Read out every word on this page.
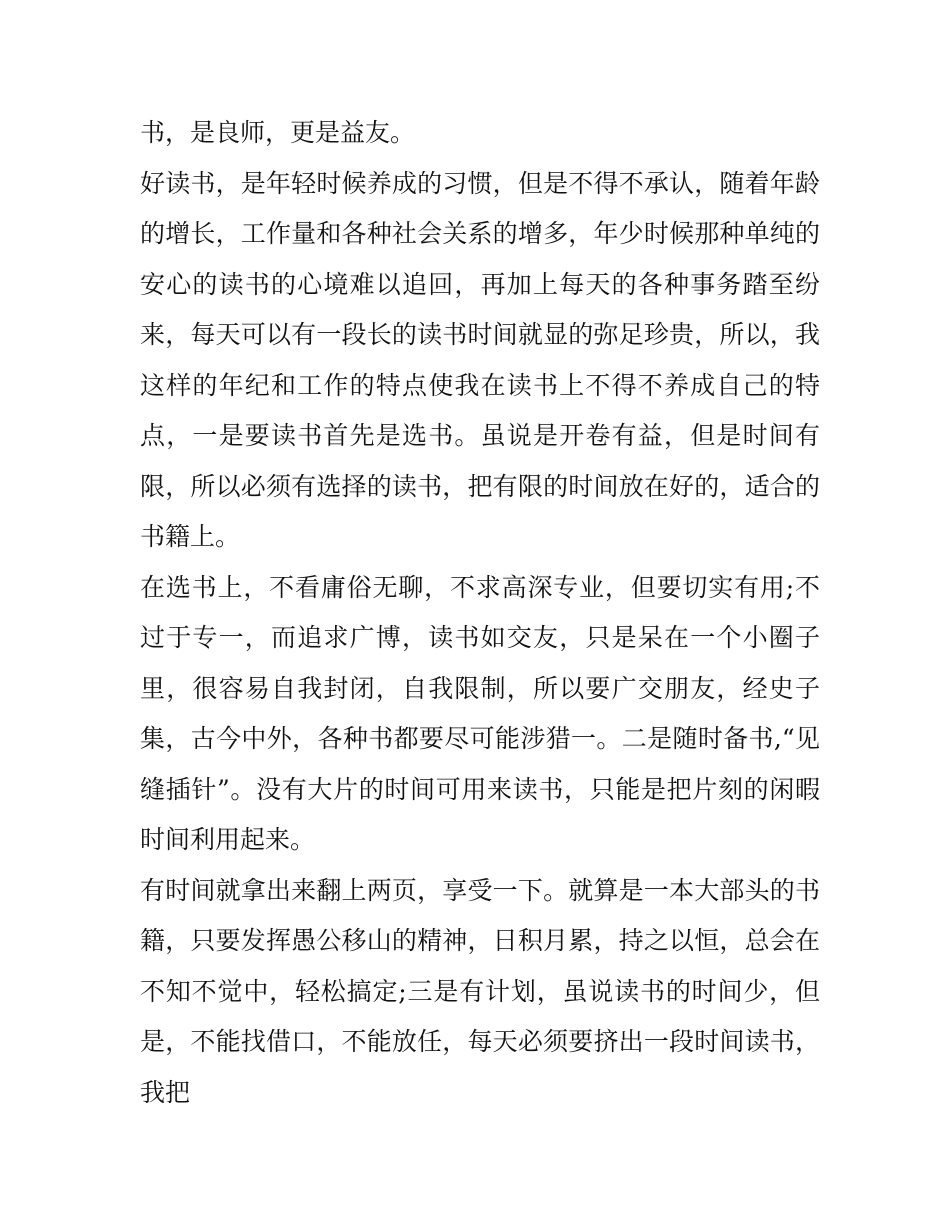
书，是良师，更是益友。
好读书，是年轻时候养成的习惯，但是不得不承认，随着年龄
的增长，工作量和各种社会关系的增多，年少时候那种单纯的
安心的读书的心境难以追回，再加上每天的各种事务踏至纷
来，每天可以有一段长的读书时间就显的弥足珍贵，所以，我
这样的年纪和工作的特点使我在读书上不得不养成自己的特
点，一是要读书首先是选书。虽说是开卷有益，但是时间有
限，所以必须有选择的读书，把有限的时间放在好的，适合的
书籍上。
在选书上，不看庸俗无聊，不求高深专业，但要切实有用;不
过于专一，而追求广博，读书如交友，只是呆在一个小圈子
里，很容易自我封闭，自我限制，所以要广交朋友，经史子
集，古今中外，各种书都要尽可能涉猎一。二是随时备书,“见
缝插针”。没有大片的时间可用来读书，只能是把片刻的闲暇
时间利用起来。
有时间就拿出来翻上两页，享受一下。就算是一本大部头的书
籍，只要发挥愚公移山的精神，日积月累，持之以恒，总会在
不知不觉中，轻松搞定;三是有计划，虽说读书的时间少，但
是，不能找借口，不能放任，每天必须要挤出一段时间读书，
我把
